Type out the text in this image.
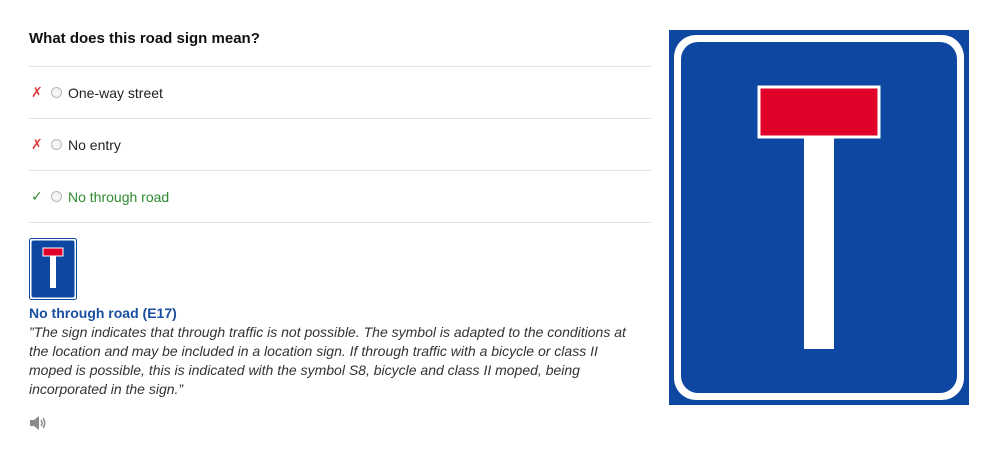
What does this road sign mean?
✗	One-way street
✗	No entry
✓	No through road
No through road (E17)
”The sign indicates that through traffic is not possible. The symbol is adapted to the conditions at the location and may be included in a location sign. If through traffic with a bicycle or class II moped is possible, this is indicated with the symbol S8, bicycle and class II moped, being incorporated in the sign.”
